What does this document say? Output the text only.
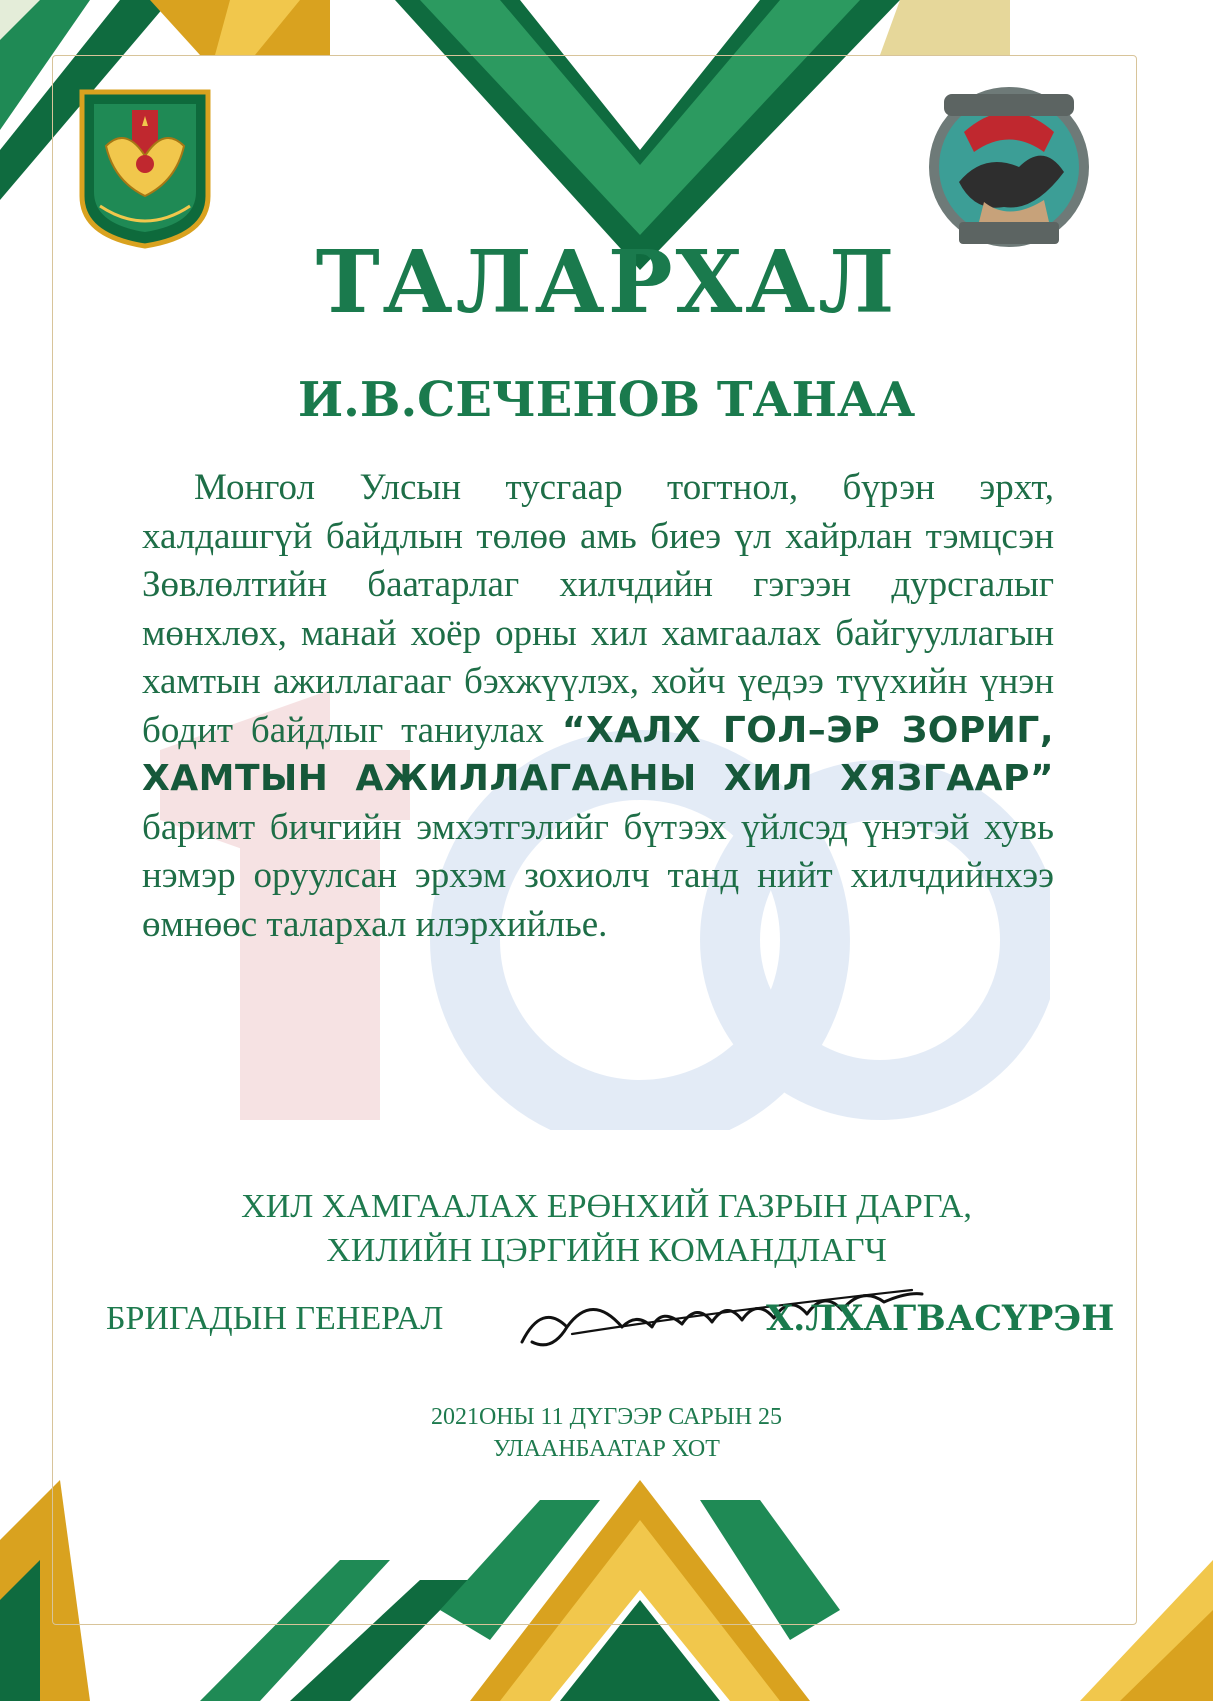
ТАЛАРХАЛ
И.В.СЕЧЕНОВ ТАНАА
Монгол Улсын тусгаар тогтнол, бүрэн эрхт, халдашгүй байдлын төлөө амь биеэ үл хайрлан тэмцсэн Зөвлөлтийн баатарлаг хилчдийн гэгээн дурсгалыг мөнхлөх, манай хоёр орны хил хамгаалах байгууллагын хамтын ажиллагааг бэхжүүлэх, хойч үедээ түүхийн үнэн бодит байдлыг таниулах “ХАЛХ ГОЛ–ЭР ЗОРИГ, ХАМТЫН АЖИЛЛАГААНЫ ХИЛ ХЯЗГААР” баримт бичгийн эмхэтгэлийг бүтээх үйлсэд үнэтэй хувь нэмэр оруулсан эрхэм зохиолч танд нийт хилчдийнхээ өмнөөс талархал илэрхийлье.
ХИЛ ХАМГААЛАХ ЕРӨНХИЙ ГАЗРЫН ДАРГА,
ХИЛИЙН ЦЭРГИЙН КОМАНДЛАГЧ
БРИГАДЫН ГЕНЕРАЛ	Х.ЛХАГВАСҮРЭН
2021ОНЫ 11 ДҮГЭЭР САРЫН 25
УЛААНБААТАР ХОТ
